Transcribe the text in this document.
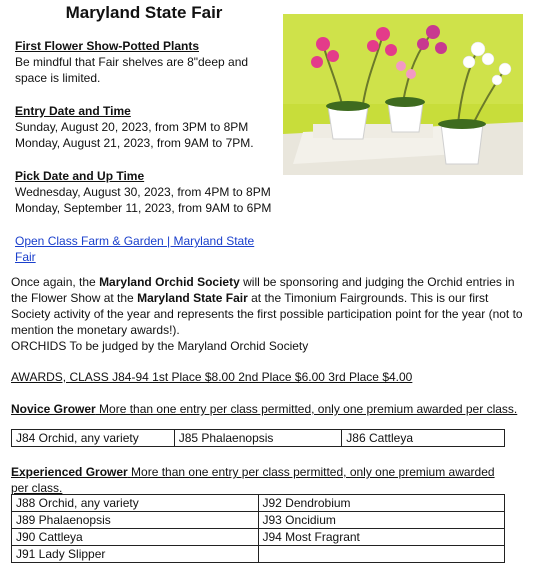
Maryland State Fair
First Flower Show-Potted Plants
Be mindful that Fair shelves are 8"deep and space is limited.
Entry Date and Time
Sunday, August 20, 2023, from 3PM to 8PM
Monday, August 21, 2023, from 9AM to 7PM.
Pick Date and Up Time
Wednesday, August 30, 2023, from 4PM to 8PM
Monday, September 11, 2023, from 9AM to 6PM
Open Class Farm & Garden | Maryland State Fair
Once again, the Maryland Orchid Society will be sponsoring and judging the Orchid entries in the Flower Show at the Maryland State Fair at the Timonium Fairgrounds. This is our first Society activity of the year and represents the first possible participation point for the year (not to mention the monetary awards!).
ORCHIDS To be judged by the Maryland Orchid Society
AWARDS, CLASS J84-94 1st Place $8.00 2nd Place $6.00 3rd Place $4.00
Novice Grower More than one entry per class permitted, only one premium awarded per class.
J84 Orchid, any variety	J85 Phalaenopsis	J86 Cattleya
Experienced Grower More than one entry per class permitted, only one premium awarded per class.
J88 Orchid, any variety	J92 Dendrobium
J89 Phalaenopsis	J93 Oncidium
J90 Cattleya	J94 Most Fragrant
J91 Lady Slipper	
